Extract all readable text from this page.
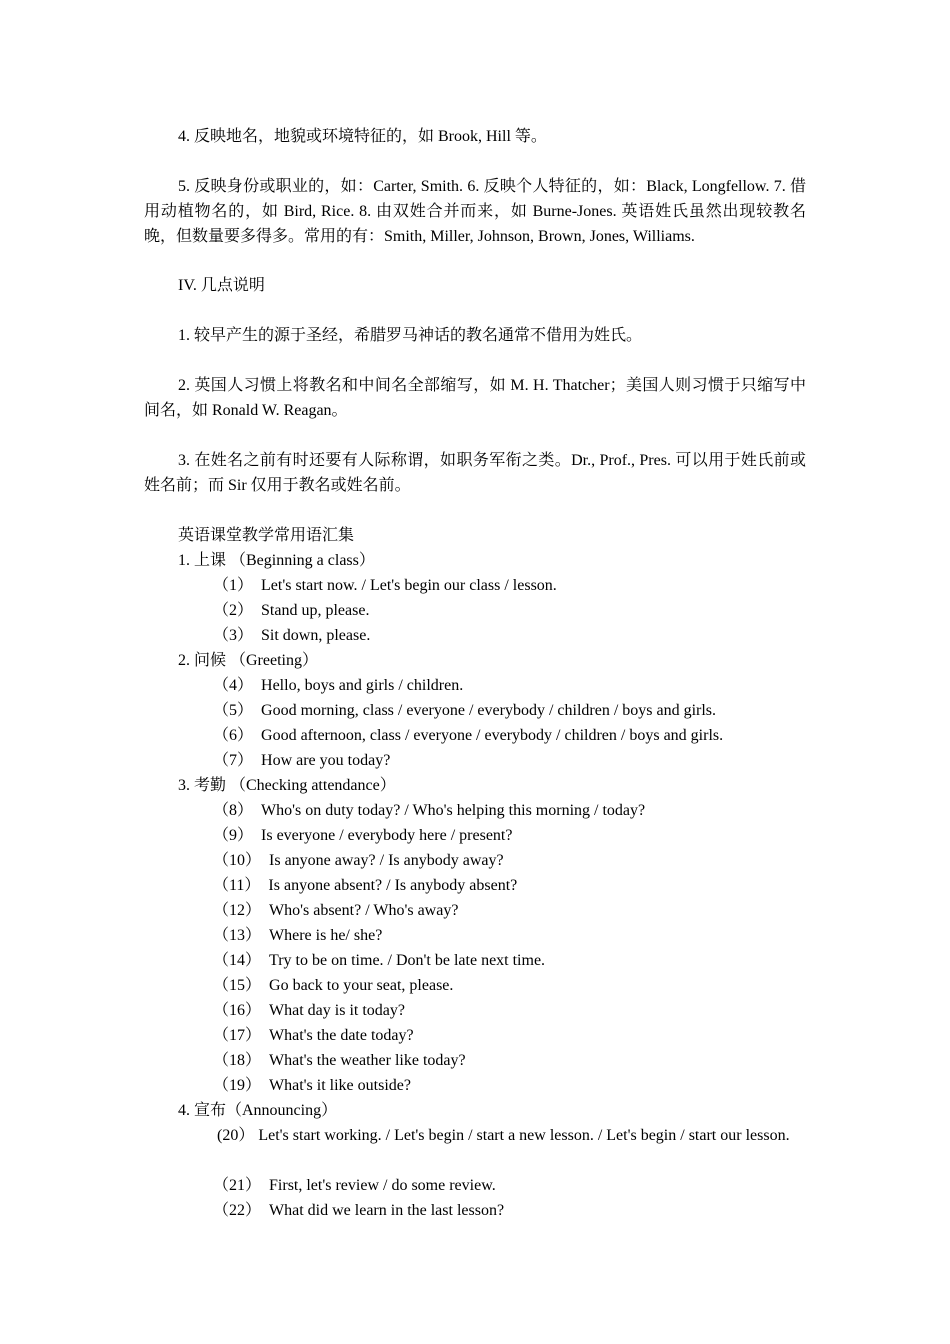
4. 反映地名，地貌或环境特征的，如 Brook, Hill 等。
5. 反映身份或职业的，如：Carter, Smith. 6. 反映个人特征的，如：Black, Longfellow. 7. 借用动植物名的，如 Bird, Rice. 8. 由双姓合并而来，如 Burne-Jones. 英语姓氏虽然出现较教名晚，但数量要多得多。常用的有：Smith, Miller, Johnson, Brown, Jones, Williams.
IV. 几点说明
1. 较早产生的源于圣经，希腊罗马神话的教名通常不借用为姓氏。
2. 英国人习惯上将教名和中间名全部缩写，如 M. H. Thatcher；美国人则习惯于只缩写中间名，如 Ronald W. Reagan。
3. 在姓名之前有时还要有人际称谓，如职务军衔之类。Dr., Prof., Pres. 可以用于姓氏前或姓名前；而 Sir 仅用于教名或姓名前。
英语课堂教学常用语汇集
1. 上课 （Beginning a class）
（1） Let's start now. / Let's begin our class / lesson.
（2） Stand up, please.
（3） Sit down, please.
2. 问候 （Greeting）
（4） Hello, boys and girls / children.
（5） Good morning, class / everyone / everybody / children / boys and girls.
（6） Good afternoon, class / everyone / everybody / children / boys and girls.
（7） How are you today?
3. 考勤 （Checking attendance）
（8） Who's on duty today? / Who's helping this morning / today?
（9） Is everyone / everybody here / present?
（10） Is anyone away? / Is anybody away?
（11） Is anyone absent? / Is anybody absent?
（12） Who's absent? / Who's away?
（13） Where is he/ she?
（14） Try to be on time. / Don't be late next time.
（15） Go back to your seat, please.
（16） What day is it today?
（17） What's the date today?
（18） What's the weather like today?
（19） What's it like outside?
4. 宣布（Announcing）
(20） Let's start working. / Let's begin / start a new lesson. / Let's begin / start our lesson.
（21） First, let's review / do some review.
（22） What did we learn in the last lesson?
